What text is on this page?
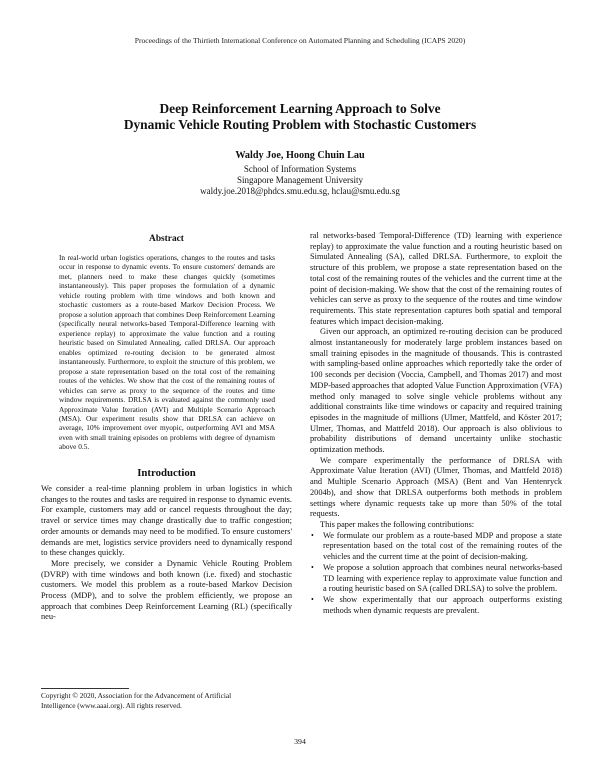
Proceedings of the Thirtieth International Conference on Automated Planning and Scheduling (ICAPS 2020)
Deep Reinforcement Learning Approach to Solve
Dynamic Vehicle Routing Problem with Stochastic Customers
Waldy Joe, Hoong Chuin Lau
School of Information Systems
Singapore Management University
waldy.joe.2018@phdcs.smu.edu.sg, hclau@smu.edu.sg
Abstract
In real-world urban logistics operations, changes to the routes and tasks occur in response to dynamic events. To ensure customers' demands are met, planners need to make these changes quickly (sometimes instantaneously). This paper proposes the formulation of a dynamic vehicle routing problem with time windows and both known and stochastic customers as a route-based Markov Decision Process. We propose a solution approach that combines Deep Reinforcement Learning (specifically neural networks-based Temporal-Difference learning with experience replay) to approximate the value function and a routing heuristic based on Simulated Annealing, called DRLSA. Our approach enables optimized re-routing decision to be generated almost instantaneously. Furthermore, to exploit the structure of this problem, we propose a state representation based on the total cost of the remaining routes of the vehicles. We show that the cost of the remaining routes of vehicles can serve as proxy to the sequence of the routes and time window requirements. DRLSA is evaluated against the commonly used Approximate Value Iteration (AVI) and Multiple Scenario Approach (MSA). Our experiment results show that DRLSA can achieve on average, 10% improvement over myopic, outperforming AVI and MSA even with small training episodes on problems with degree of dynamism above 0.5.
Introduction

We consider a real-time planning problem in urban logistics in which changes to the routes and tasks are required in response to dynamic events. For example, customers may add or cancel requests throughout the day; travel or service times may change drastically due to traffic congestion; order amounts or demands may need to be modified. To ensure customers' demands are met, logistics service providers need to dynamically respond to these changes quickly.

More precisely, we consider a Dynamic Vehicle Routing Problem (DVRP) with time windows and both known (i.e. fixed) and stochastic customers. We model this problem as a route-based Markov Decision Process (MDP), and to solve the problem efficiently, we propose an approach that combines Deep Reinforcement Learning (RL) (specifically neu-

Copyright © 2020, Association for the Advancement of Artificial
Intelligence (www.aaai.org). All rights reserved.

ral networks-based Temporal-Difference (TD) learning with experience replay) to approximate the value function and a routing heuristic based on Simulated Annealing (SA), called DRLSA. Furthermore, to exploit the structure of this problem, we propose a state representation based on the total cost of the remaining routes of the vehicles and the current time at the point of decision-making. We show that the cost of the remaining routes of vehicles can serve as proxy to the sequence of the routes and time window requirements. This state representation captures both spatial and temporal features which impact decision-making.

Given our approach, an optimized re-routing decision can be produced almost instantaneously for moderately large problem instances based on small training episodes in the magnitude of thousands. This is contrasted with sampling-based online approaches which reportedly take the order of 100 seconds per decision (Voccia, Campbell, and Thomas 2017) and most MDP-based approaches that adopted Value Function Approximation (VFA) method only managed to solve single vehicle problems without any additional constraints like time windows or capacity and required training episodes in the magnitude of millions (Ulmer, Mattfeld, and Köster 2017; Ulmer, Thomas, and Mattfeld 2018). Our approach is also oblivious to probability distributions of demand uncertainty unlike stochastic optimization methods.

We compare experimentally the performance of DRLSA with Approximate Value Iteration (AVI) (Ulmer, Thomas, and Mattfeld 2018) and Multiple Scenario Approach (MSA) (Bent and Van Hentenryck 2004b), and show that DRLSA outperforms both methods in problem settings where dynamic requests take up more than 50% of the total requests.

This paper makes the following contributions:

• We formulate our problem as a route-based MDP and propose a state representation based on the total cost of the remaining routes of the vehicles and the current time at the point of decision-making.
• We propose a solution approach that combines neural networks-based TD learning with experience replay to approximate value function and a routing heuristic based on SA (called DRLSA) to solve the problem.
• We show experimentally that our approach outperforms existing methods when dynamic requests are prevalent.
394
